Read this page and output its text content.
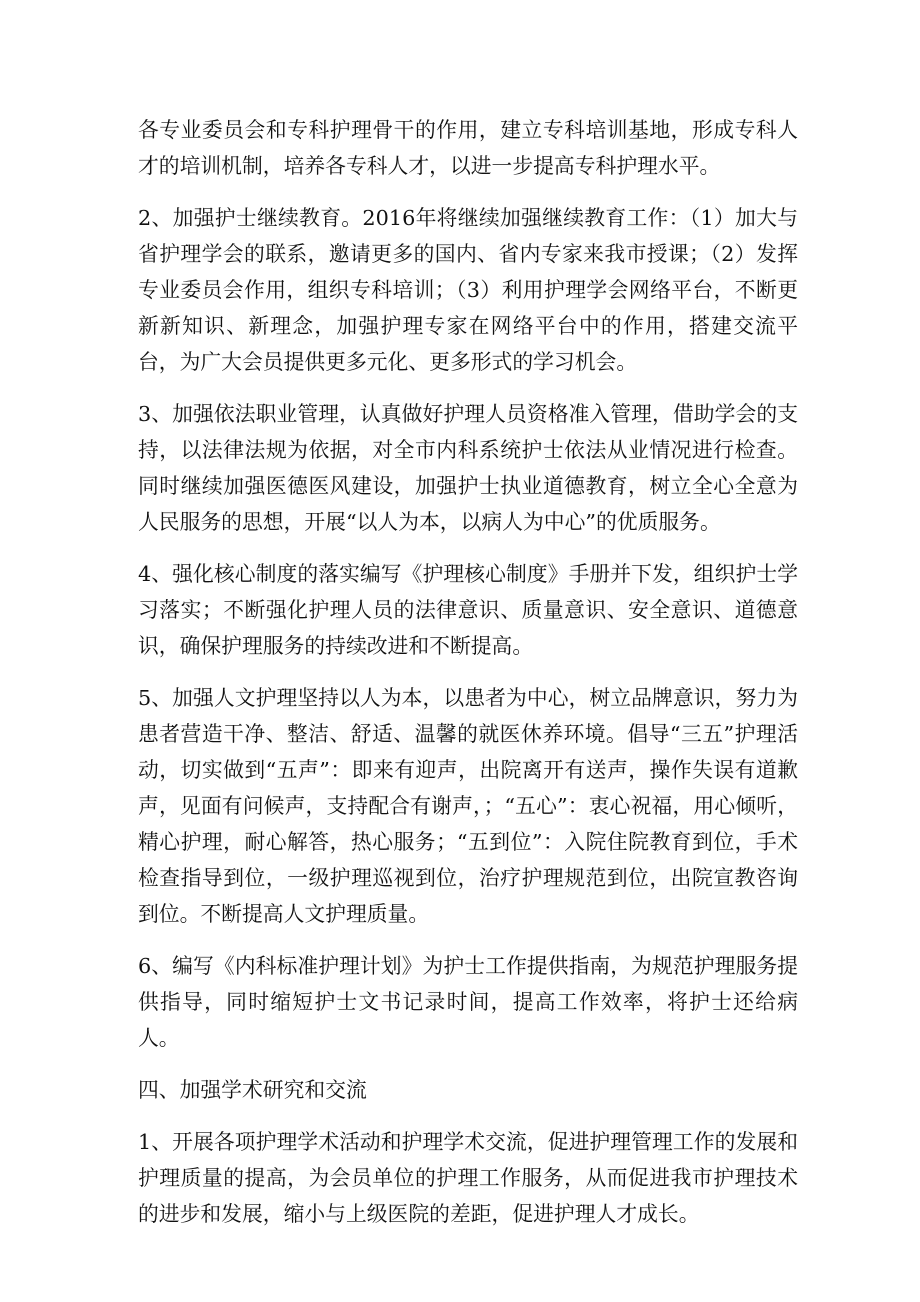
各专业委员会和专科护理骨干的作用，建立专科培训基地，形成专科人才的培训机制，培养各专科人才，以进一步提高专科护理水平。

2、加强护士继续教育。2016年将继续加强继续教育工作：（1）加大与省护理学会的联系，邀请更多的国内、省内专家来我市授课；（2）发挥专业委员会作用，组织专科培训；（3）利用护理学会网络平台，不断更新新知识、新理念，加强护理专家在网络平台中的作用，搭建交流平台，为广大会员提供更多元化、更多形式的学习机会。

3、加强依法职业管理，认真做好护理人员资格准入管理，借助学会的支持，以法律法规为依据，对全市内科系统护士依法从业情况进行检查。同时继续加强医德医风建设，加强护士执业道德教育，树立全心全意为人民服务的思想，开展“以人为本，以病人为中心”的优质服务。

4、强化核心制度的落实编写《护理核心制度》手册并下发，组织护士学习落实；不断强化护理人员的法律意识、质量意识、安全意识、道德意识，确保护理服务的持续改进和不断提高。

5、加强人文护理坚持以人为本，以患者为中心，树立品牌意识，努力为患者营造干净、整洁、舒适、温馨的就医休养环境。倡导“三五”护理活动，切实做到“五声”：即来有迎声，出院离开有送声，操作失误有道歉声，见面有问候声，支持配合有谢声，；“五心”：衷心祝福，用心倾听，精心护理，耐心解答，热心服务；“五到位”：入院住院教育到位，手术检查指导到位，一级护理巡视到位，治疗护理规范到位，出院宣教咨询到位。不断提高人文护理质量。

6、编写《内科标准护理计划》为护士工作提供指南，为规范护理服务提供指导，同时缩短护士文书记录时间，提高工作效率，将护士还给病人。

四、加强学术研究和交流

1、开展各项护理学术活动和护理学术交流，促进护理管理工作的发展和护理质量的提高，为会员单位的护理工作服务，从而促进我市护理技术的进步和发展，缩小与上级医院的差距，促进护理人才成长。
